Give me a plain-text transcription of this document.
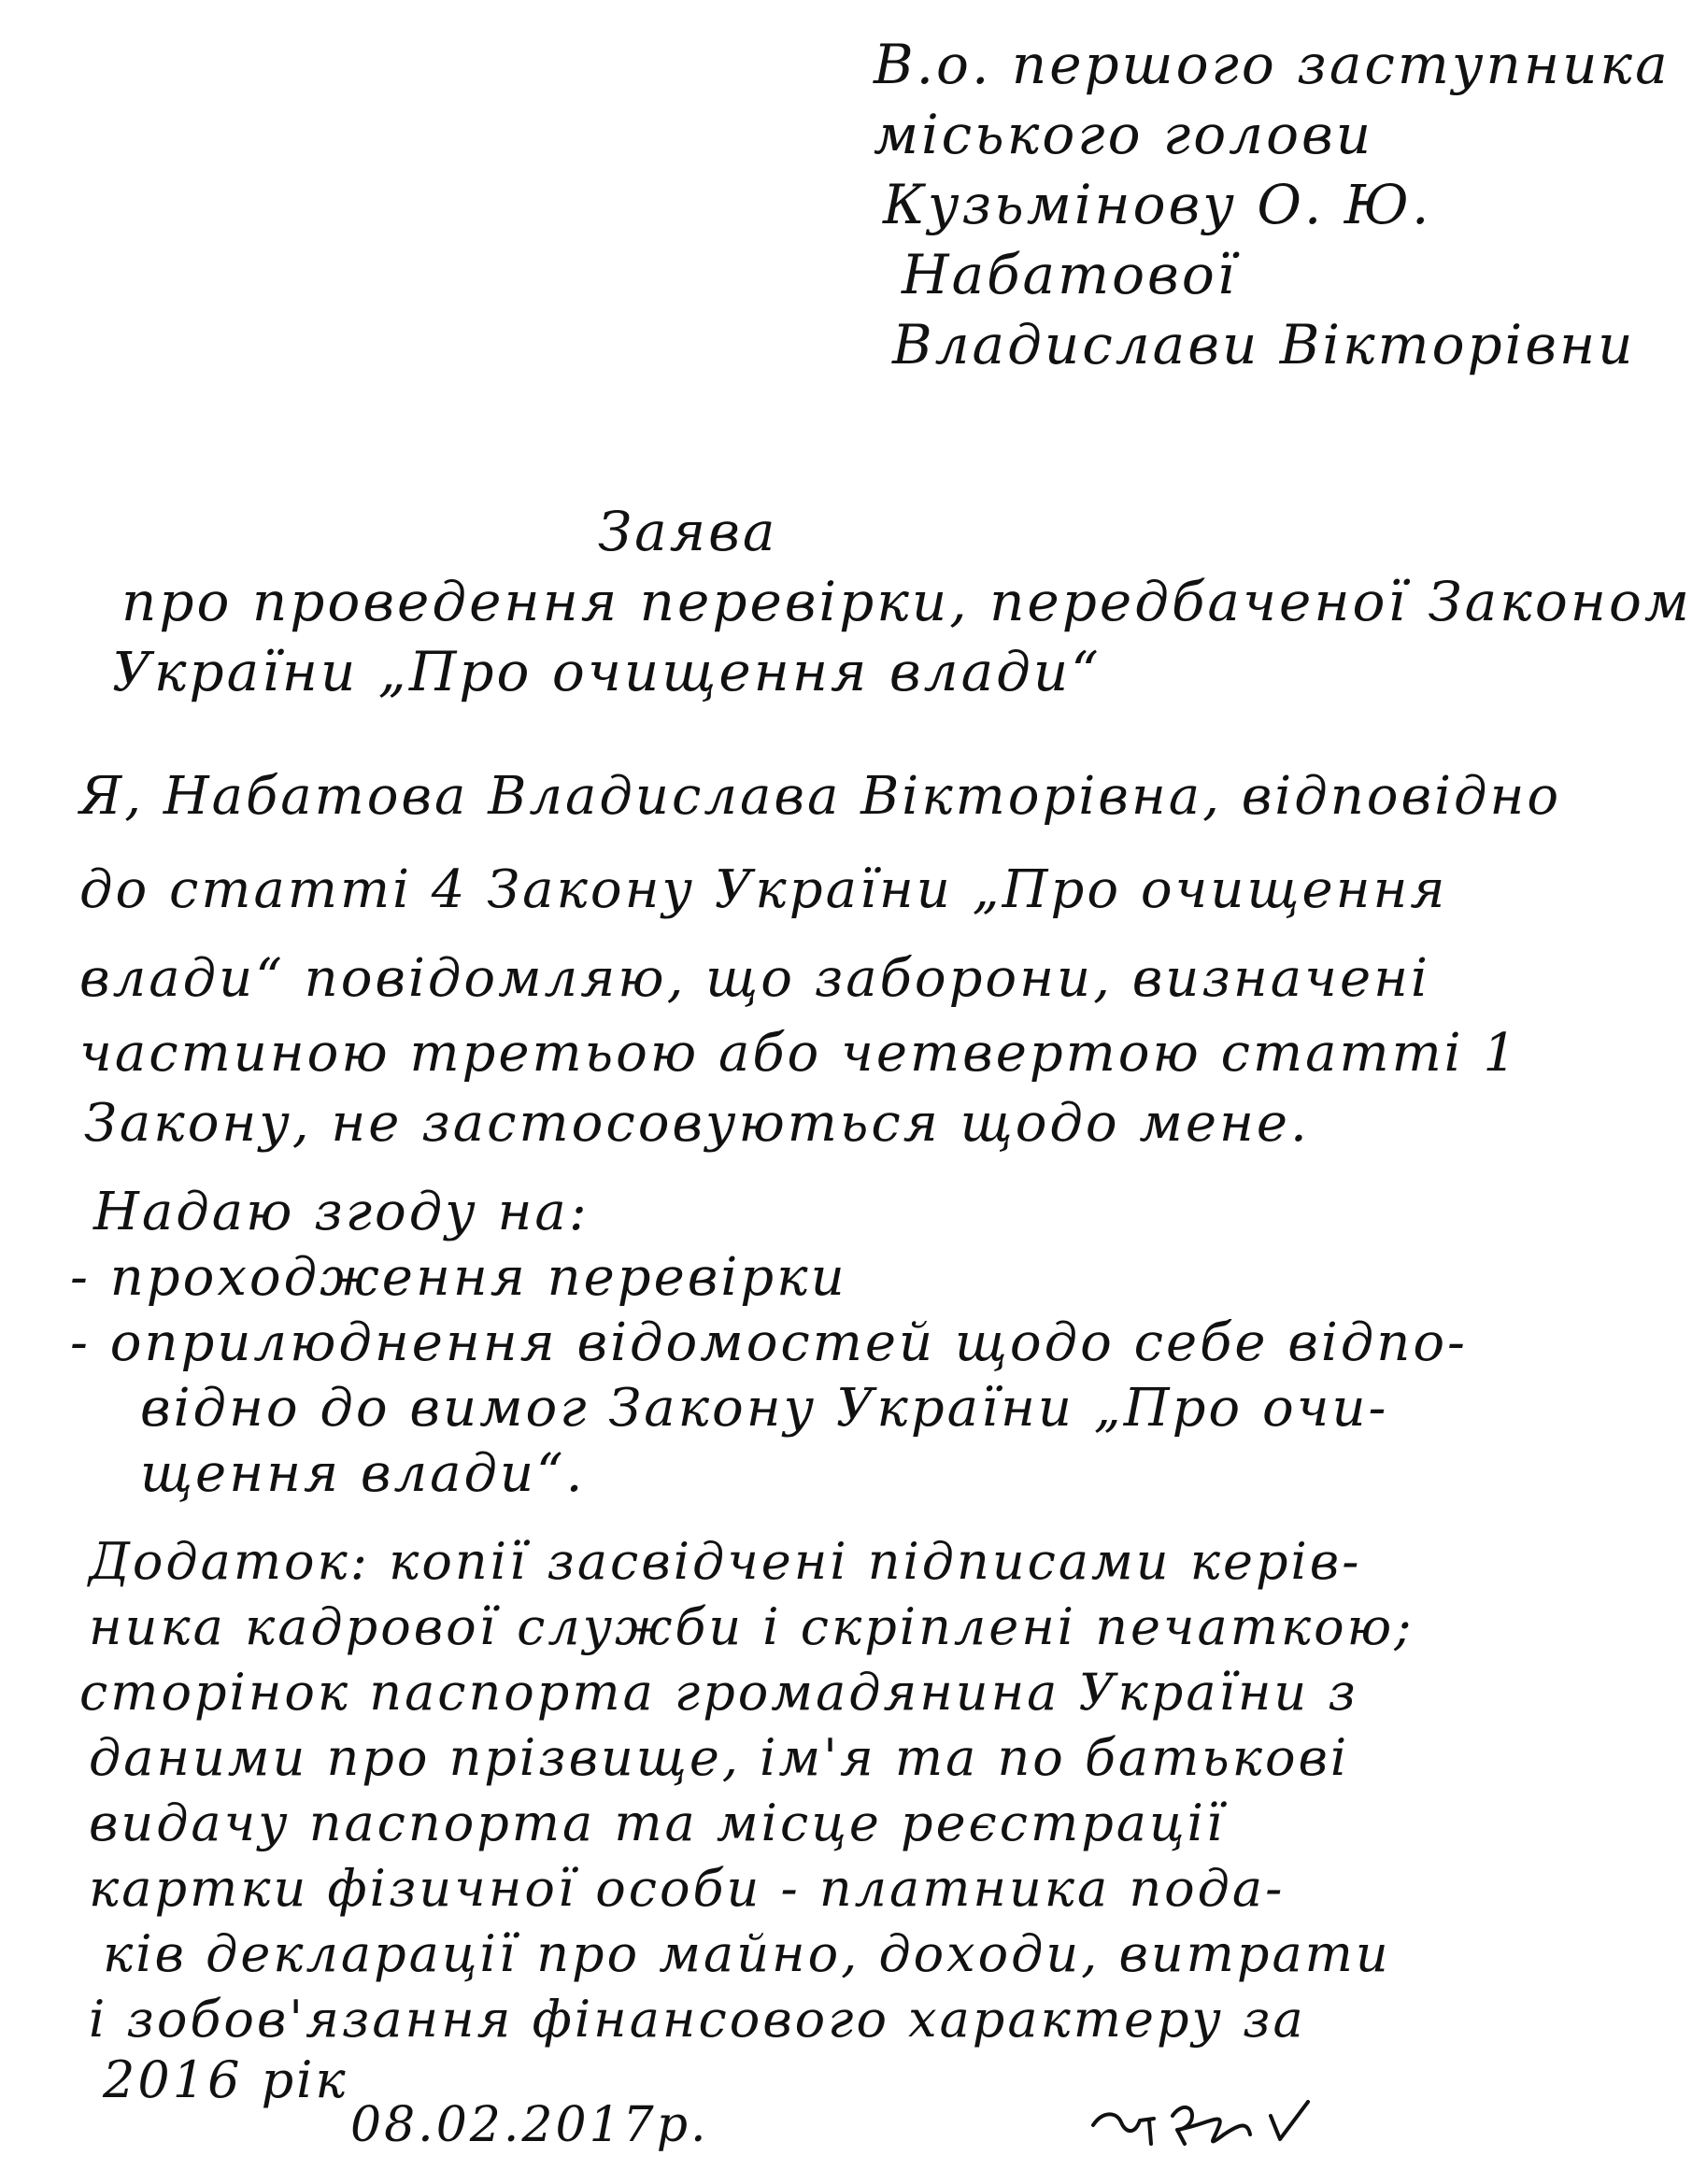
В.о. першого заступника
міського голови
Кузьмінову О. Ю.
Набатової
Владислави Вікторівни
Заява
про проведення перевірки, передбаченої Законом
України „Про очищення влади“
Я, Набатова Владислава Вікторівна, відповідно
до статті 4 Закону України „Про очищення
влади“ повідомляю, що заборони, визначені
частиною третьою або четвертою статті 1
Закону, не застосовуються щодо мене.
Надаю згоду на:
- проходження перевірки
- оприлюднення відомостей щодо себе відпо-
відно до вимог Закону України „Про очи-
щення влади“.
Додаток: копії засвідчені підписами керів-
ника кадрової служби і скріплені печаткою;
сторінок паспорта громадянина України з
даними про прізвище, ім'я та по батькові
видачу паспорта та місце реєстрації
картки фізичної особи - платника пода-
ків декларації про майно, доходи, витрати
і зобов'язання фінансового характеру за
2016 рік
08.02.2017р.
